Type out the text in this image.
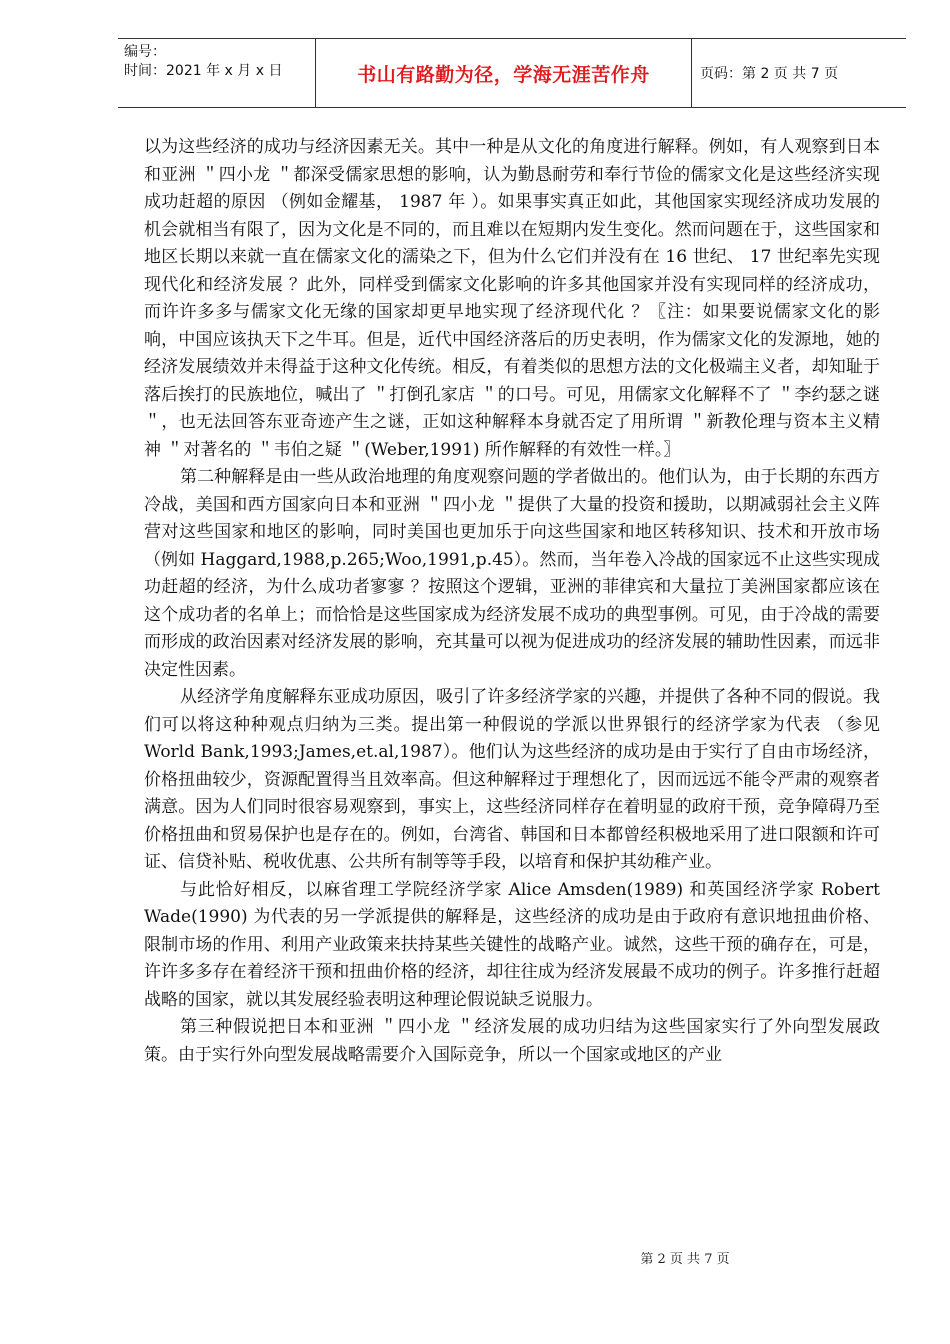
编号：
时间：2021 年 x 月 x 日	书山有路勤为径，学海无涯苦作舟	页码：第 2 页 共 7 页

以为这些经济的成功与经济因素无关。其中一种是从文化的角度进行解释。例如，有人观察到日本和亚洲 ＂四小龙 ＂都深受儒家思想的影响，认为勤恳耐劳和奉行节俭的儒家文化是这些经济实现成功赶超的原因 （例如金耀基， 1987 年 ）。如果事实真正如此，其他国家实现经济成功发展的机会就相当有限了，因为文化是不同的，而且难以在短期内发生变化。然而问题在于，这些国家和地区长期以来就一直在儒家文化的濡染之下，但为什么它们并没有在 16 世纪、 17 世纪率先实现现代化和经济发展 ？此外，同样受到儒家文化影响的许多其他国家并没有实现同样的经济成功，而许许多多与儒家文化无缘的国家却更早地实现了经济现代化 ？〖注：如果要说儒家文化的影响，中国应该执天下之牛耳。但是，近代中国经济落后的历史表明，作为儒家文化的发源地，她的经济发展绩效并未得益于这种文化传统。相反，有着类似的思想方法的文化极端主义者，却知耻于落后挨打的民族地位，喊出了 ＂打倒孔家店 ＂的口号。可见，用儒家文化解释不了 ＂李约瑟之谜 ＂，也无法回答东亚奇迹产生之谜，正如这种解释本身就否定了用所谓 ＂新教伦理与资本主义精神 ＂对著名的 ＂韦伯之疑 ＂(Weber,1991) 所作解释的有效性一样。〗

第二种解释是由一些从政治地理的角度观察问题的学者做出的。他们认为，由于长期的东西方冷战，美国和西方国家向日本和亚洲 ＂四小龙 ＂提供了大量的投资和援助，以期减弱社会主义阵营对这些国家和地区的影响，同时美国也更加乐于向这些国家和地区转移知识、技术和开放市场 （例如 Haggard,1988,p.265;Woo,1991,p.45）。然而，当年卷入冷战的国家远不止这些实现成功赶超的经济，为什么成功者寥寥 ？按照这个逻辑，亚洲的菲律宾和大量拉丁美洲国家都应该在这个成功者的名单上；而恰恰是这些国家成为经济发展不成功的典型事例。可见，由于冷战的需要而形成的政治因素对经济发展的影响，充其量可以视为促进成功的经济发展的辅助性因素，而远非决定性因素。

从经济学角度解释东亚成功原因，吸引了许多经济学家的兴趣，并提供了各种不同的假说。我们可以将这种种观点归纳为三类。提出第一种假说的学派以世界银行的经济学家为代表 （参见 World Bank,1993;James,et.al,1987）。他们认为这些经济的成功是由于实行了自由市场经济，价格扭曲较少，资源配置得当且效率高。但这种解释过于理想化了，因而远远不能令严肃的观察者满意。因为人们同时很容易观察到，事实上，这些经济同样存在着明显的政府干预，竞争障碍乃至价格扭曲和贸易保护也是存在的。例如，台湾省、韩国和日本都曾经积极地采用了进口限额和许可证、信贷补贴、税收优惠、公共所有制等等手段，以培育和保护其幼稚产业。

与此恰好相反，以麻省理工学院经济学家 Alice Amsden(1989) 和英国经济学家 Robert Wade(1990) 为代表的另一学派提供的解释是，这些经济的成功是由于政府有意识地扭曲价格、限制市场的作用、利用产业政策来扶持某些关键性的战略产业。诚然，这些干预的确存在，可是，许许多多存在着经济干预和扭曲价格的经济，却往往成为经济发展最不成功的例子。许多推行赶超战略的国家，就以其发展经验表明这种理论假说缺乏说服力。

第三种假说把日本和亚洲 ＂四小龙 ＂经济发展的成功归结为这些国家实行了外向型发展政策。由于实行外向型发展战略需要介入国际竞争，所以一个国家或地区的产业

第 2 页 共 7 页
